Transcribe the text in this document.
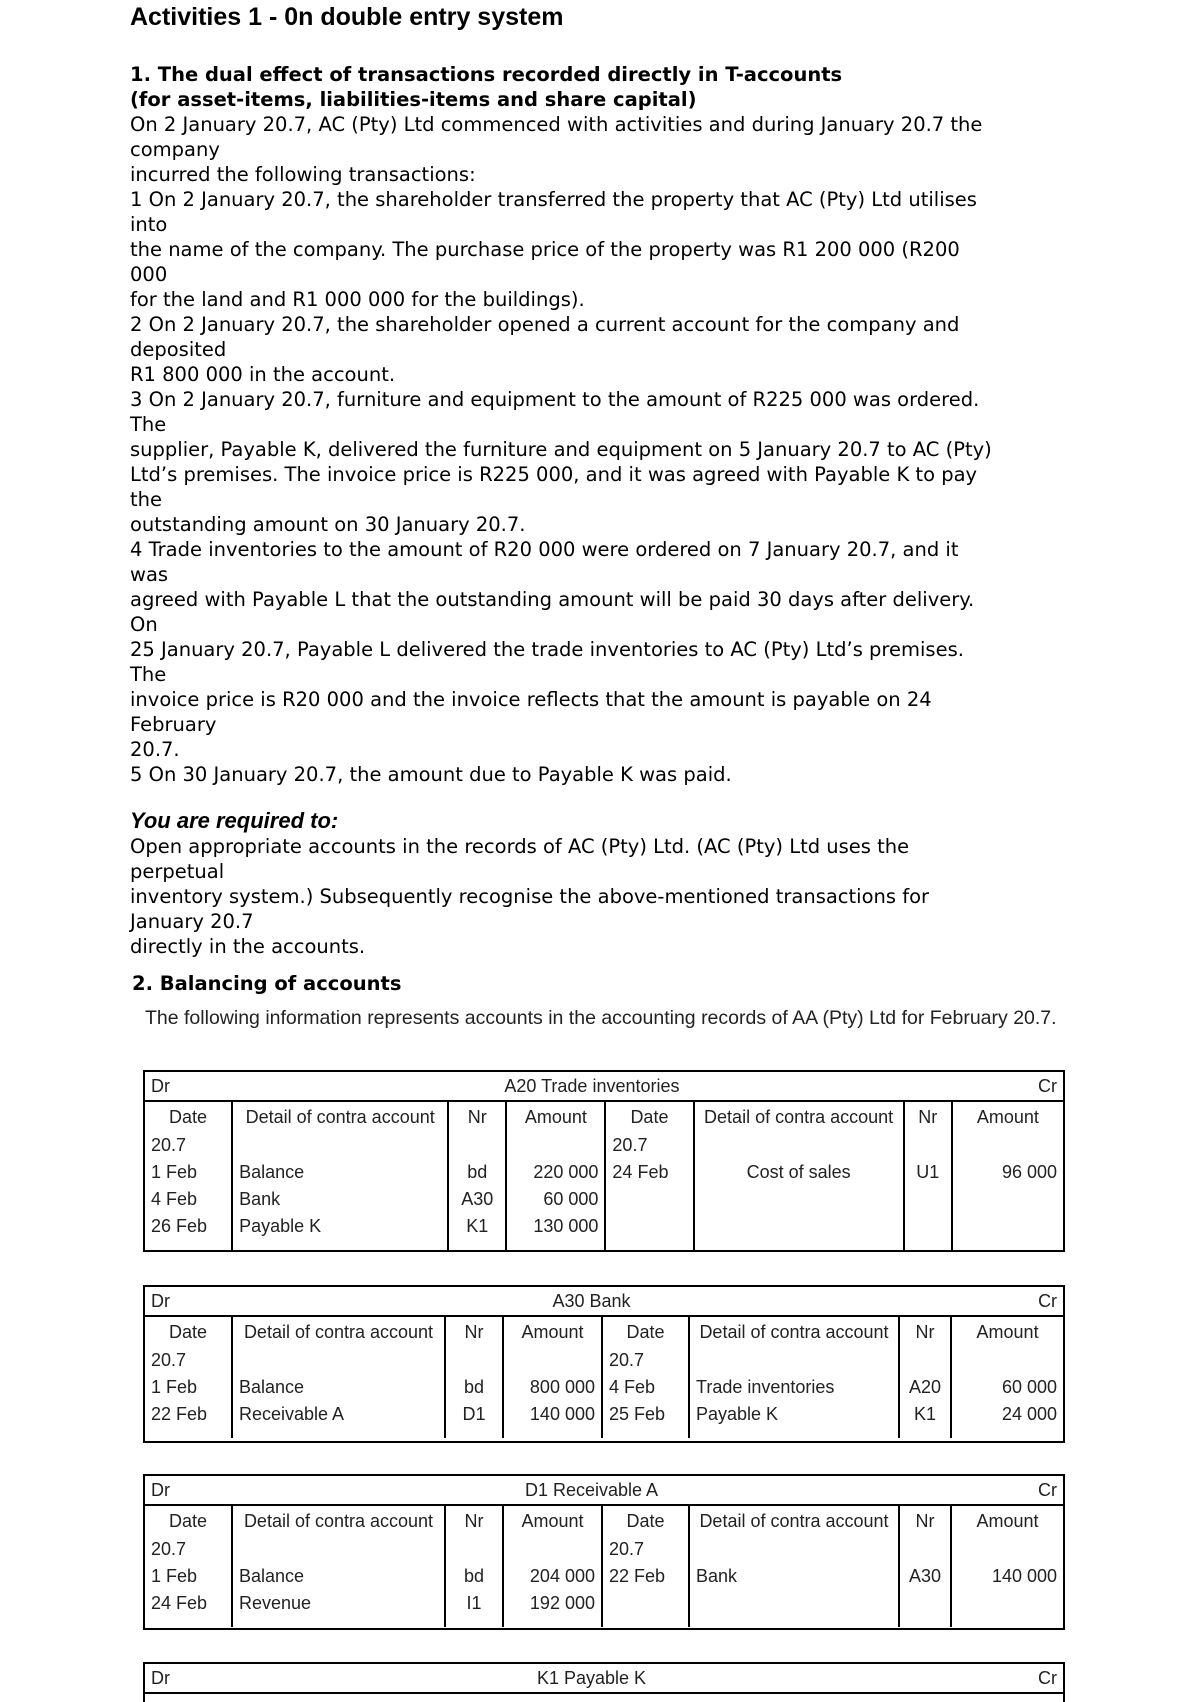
Activities 1 - 0n double entry system
1. The dual effect of transactions recorded directly in T-accounts
(for asset-items, liabilities-items and share capital)
On 2 January 20.7, AC (Pty) Ltd commenced with activities and during January 20.7 the
company
incurred the following transactions:
1 On 2 January 20.7, the shareholder transferred the property that AC (Pty) Ltd utilises
into
the name of the company. The purchase price of the property was R1 200 000 (R200
000
for the land and R1 000 000 for the buildings).
2 On 2 January 20.7, the shareholder opened a current account for the company and
deposited
R1 800 000 in the account.
3 On 2 January 20.7, furniture and equipment to the amount of R225 000 was ordered.
The
supplier, Payable K, delivered the furniture and equipment on 5 January 20.7 to AC (Pty)
Ltd’s premises. The invoice price is R225 000, and it was agreed with Payable K to pay
the
outstanding amount on 30 January 20.7.
4 Trade inventories to the amount of R20 000 were ordered on 7 January 20.7, and it
was
agreed with Payable L that the outstanding amount will be paid 30 days after delivery.
On
25 January 20.7, Payable L delivered the trade inventories to AC (Pty) Ltd’s premises.
The
invoice price is R20 000 and the invoice reflects that the amount is payable on 24
February
20.7.
5 On 30 January 20.7, the amount due to Payable K was paid.
You are required to:
Open appropriate accounts in the records of AC (Pty) Ltd. (AC (Pty) Ltd uses the
perpetual
inventory system.) Subsequently recognise the above-mentioned transactions for
January 20.7
directly in the accounts.
2. Balancing of accounts
The following information represents accounts in the accounting records of AA (Pty) Ltd for February 20.7.
Dr	A20 Trade inventories						Cr
Date	Detail of contra account	Nr	Amount	Date	Detail of contra account	Nr	Amount
20.7				20.7			
1 Feb	Balance	bd	220 000	24 Feb	Cost of sales	U1	96 000
4 Feb	Bank	A30	60 000				
26 Feb	Payable K	K1	130 000				

Dr	A30 Bank						Cr
Date	Detail of contra account	Nr	Amount	Date	Detail of contra account	Nr	Amount
20.7				20.7			
1 Feb	Balance	bd	800 000	4 Feb	Trade inventories	A20	60 000
22 Feb	Receivable A	D1	140 000	25 Feb	Payable K	K1	24 000

Dr	D1 Receivable A						Cr
Date	Detail of contra account	Nr	Amount	Date	Detail of contra account	Nr	Amount
20.7				20.7			
1 Feb	Balance	bd	204 000	22 Feb	Bank	A30	140 000
24 Feb	Revenue	I1	192 000				

Dr	K1 Payable K	Cr
